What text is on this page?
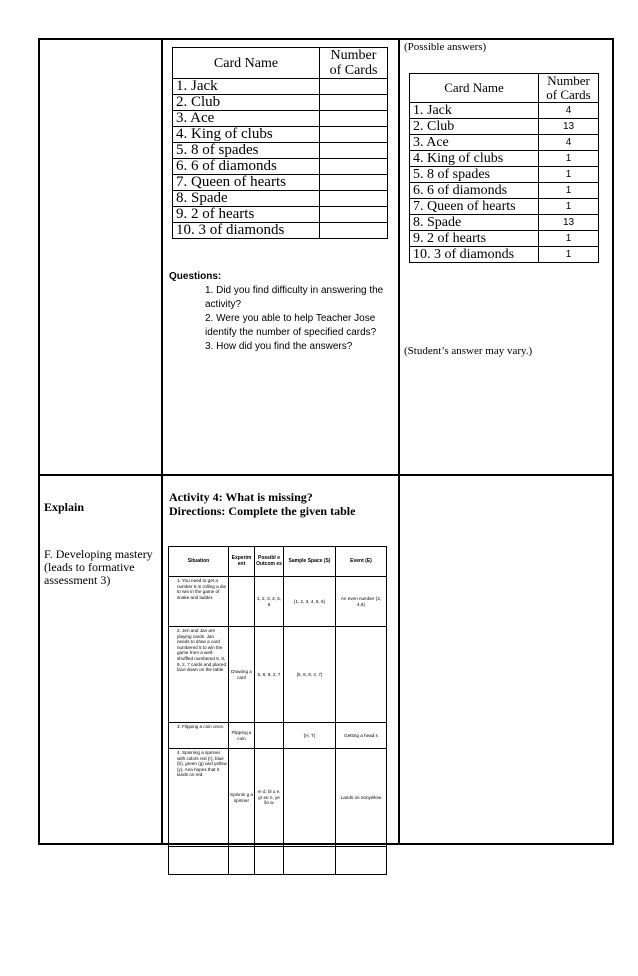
Card Name	Number of Cards
1. Jack	
2. Club	
3. Ace	
4. King of clubs	
5. 8 of spades	
6. 6 of diamonds	
7. Queen of hearts	
8. Spade	
9. 2 of hearts	
10. 3 of diamonds	
(Possible answers)
Card Name	Number of Cards
1. Jack	4
2. Club	13
3. Ace	4
4. King of clubs	1
5. 8 of spades	1
6. 6 of diamonds	1
7. Queen of hearts	1
8. Spade	13
9. 2 of hearts	1
10. 3 of diamonds	1
Questions:
1. Did you find difficulty in answering the activity?
2. Were you able to help Teacher Jose identify the number of specified cards?
3. How did you find the answers?	(Student’s answer may vary.)
Explain
F. Developing mastery (leads to formative assessment 3)
Activity 4: What is missing?
Directions: Complete the given table
Situation	Experim ent	Possibl e Outcom es	Sample Space (S)	Event (E)
1. You need to get a number 6 in rolling a die to win in the game of snake and ladder.		1, 2, 3, 4, 5, 6	{1, 2, 3, 4, 5, 6}	An even number {2, 4,6}
2. Jen and Jan are playing cards. Jan needs to draw a card numbered 5 to win the game from a well-shuffled numbered 5, 8, 9, 2, 7 cards and placed face down on the table.	Drawing a card	5, 8, 9, 2, 7	{5, 8, 9, 2, 7}	
3. Flipping a coin once.	Flipping a coin		{H, T}	Getting a head s
4. Spinning a spinner with colors red (r), blue (b), green (g) and yellow (y), Ana hopes that it lands on red.	Spinnin g a spinner	re d, bl u e, gr ee n, ye llo w		Lands on nonyellow
